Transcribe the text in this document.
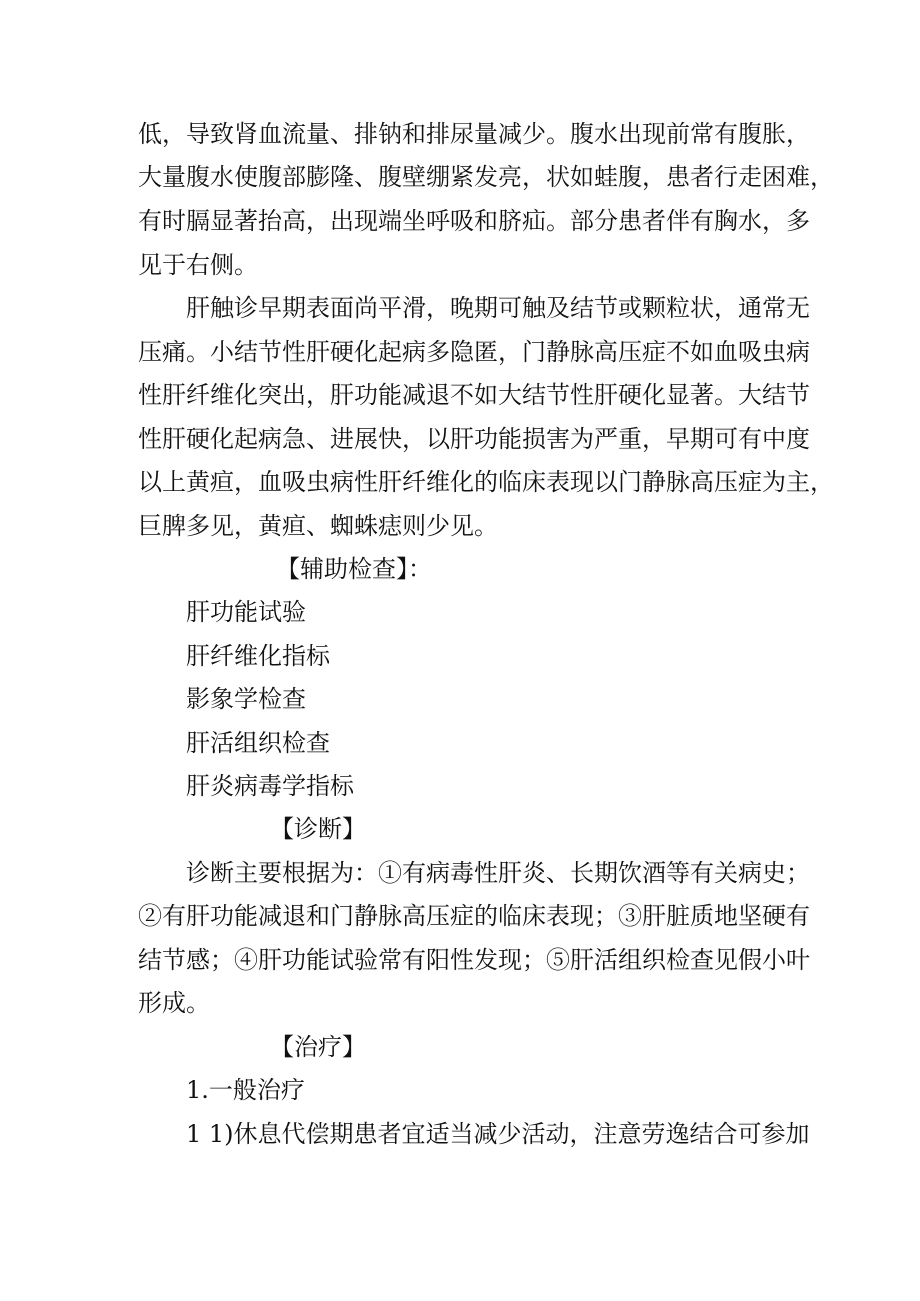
低，导致肾血流量、排钠和排尿量减少。腹水出现前常有腹胀，
大量腹水使腹部膨隆、腹壁绷紧发亮，状如蛙腹，患者行走困难，
有时膈显著抬高，出现端坐呼吸和脐疝。部分患者伴有胸水，多
见于右侧。
肝触诊早期表面尚平滑，晚期可触及结节或颗粒状，通常无
压痛。小结节性肝硬化起病多隐匿，门静脉高压症不如血吸虫病
性肝纤维化突出，肝功能减退不如大结节性肝硬化显著。大结节
性肝硬化起病急、进展快，以肝功能损害为严重，早期可有中度
以上黄疸，血吸虫病性肝纤维化的临床表现以门静脉高压症为主，
巨脾多见，黄疸、蜘蛛痣则少见。
【辅助检查】：
肝功能试验
肝纤维化指标
影象学检查
肝活组织检查
肝炎病毒学指标
【诊断】
诊断主要根据为：①有病毒性肝炎、长期饮酒等有关病史；
②有肝功能减退和门静脉高压症的临床表现；③肝脏质地坚硬有
结节感；④肝功能试验常有阳性发现；⑤肝活组织检查见假小叶
形成。
【治疗】
1.一般治疗
1 1)休息代偿期患者宜适当减少活动，注意劳逸结合可参加
